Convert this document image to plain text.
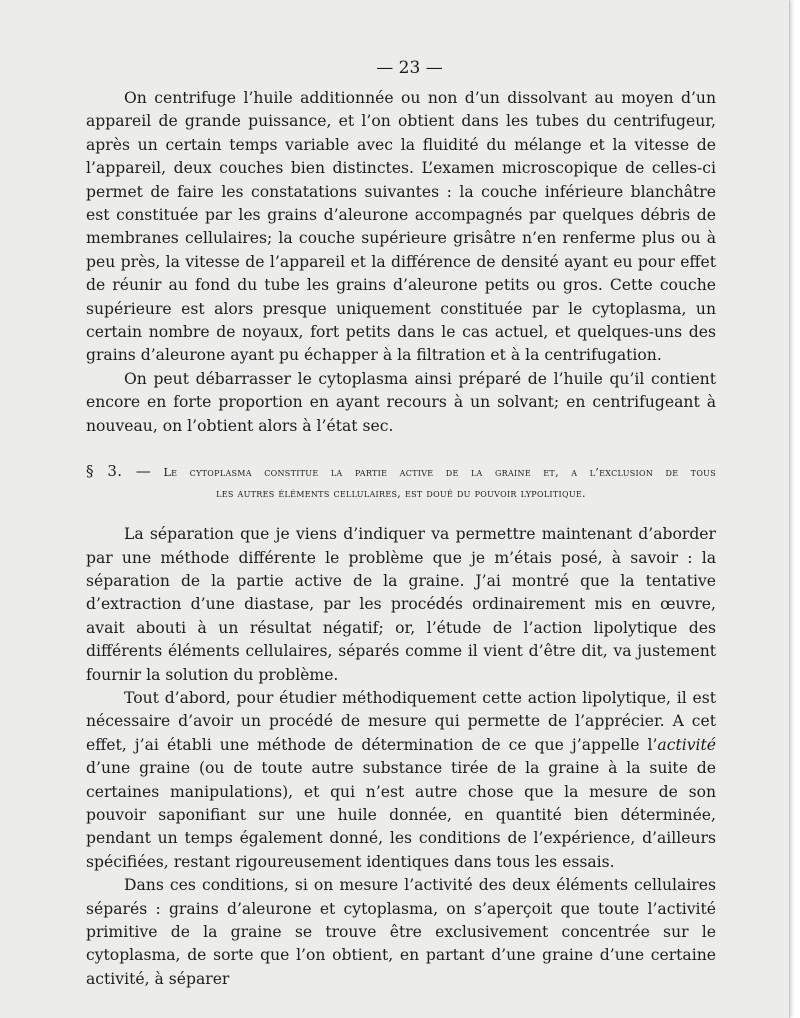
— 23 —

On centrifuge l’huile additionnée ou non d’un dissolvant au moyen d’un appareil de grande puissance, et l’on obtient dans les tubes du centrifugeur, après un certain temps variable avec la fluidité du mélange et la vitesse de l’appareil, deux couches bien distinctes. L’examen microscopique de celles-ci permet de faire les constatations suivantes : la couche inférieure blanchâtre est constituée par les grains d’aleurone accompagnés par quelques débris de membranes cellulaires; la couche supérieure grisâtre n’en renferme plus ou à peu près, la vitesse de l’appareil et la différence de densité ayant eu pour effet de réunir au fond du tube les grains d’aleurone petits ou gros. Cette couche supérieure est alors presque uniquement constituée par le cytoplasma, un certain nombre de noyaux, fort petits dans le cas actuel, et quelques-uns des grains d’aleurone ayant pu échapper à la filtration et à la centrifugation.

On peut débarrasser le cytoplasma ainsi préparé de l’huile qu’il contient encore en forte proportion en ayant recours à un solvant; en centrifugeant à nouveau, on l’obtient alors à l’état sec.

§ 3. — Le cytoplasma constitue la partie active de la graine et, a l’exclusion de tous
les autres éléments cellulaires, est doué du pouvoir lypolitique.

La séparation que je viens d’indiquer va permettre maintenant d’aborder par une méthode différente le problème que je m’étais posé, à savoir : la séparation de la partie active de la graine. J’ai montré que la tentative d’extraction d’une diastase, par les procédés ordinairement mis en œuvre, avait abouti à un résultat négatif; or, l’étude de l’action lipolytique des différents éléments cellulaires, séparés comme il vient d’être dit, va justement fournir la solution du problème.

Tout d’abord, pour étudier méthodiquement cette action lipolytique, il est nécessaire d’avoir un procédé de mesure qui permette de l’apprécier. A cet effet, j’ai établi une méthode de détermination de ce que j’appelle l’activité d’une graine (ou de toute autre substance tirée de la graine à la suite de certaines manipulations), et qui n’est autre chose que la mesure de son pouvoir saponifiant sur une huile donnée, en quantité bien déterminée, pendant un temps également donné, les conditions de l’expérience, d’ailleurs spécifiées, restant rigoureusement identiques dans tous les essais.

Dans ces conditions, si on mesure l’activité des deux éléments cellulaires séparés : grains d’aleurone et cytoplasma, on s’aperçoit que toute l’activité primitive de la graine se trouve être exclusivement concentrée sur le cytoplasma, de sorte que l’on obtient, en partant d’une graine d’une certaine activité, à séparer
